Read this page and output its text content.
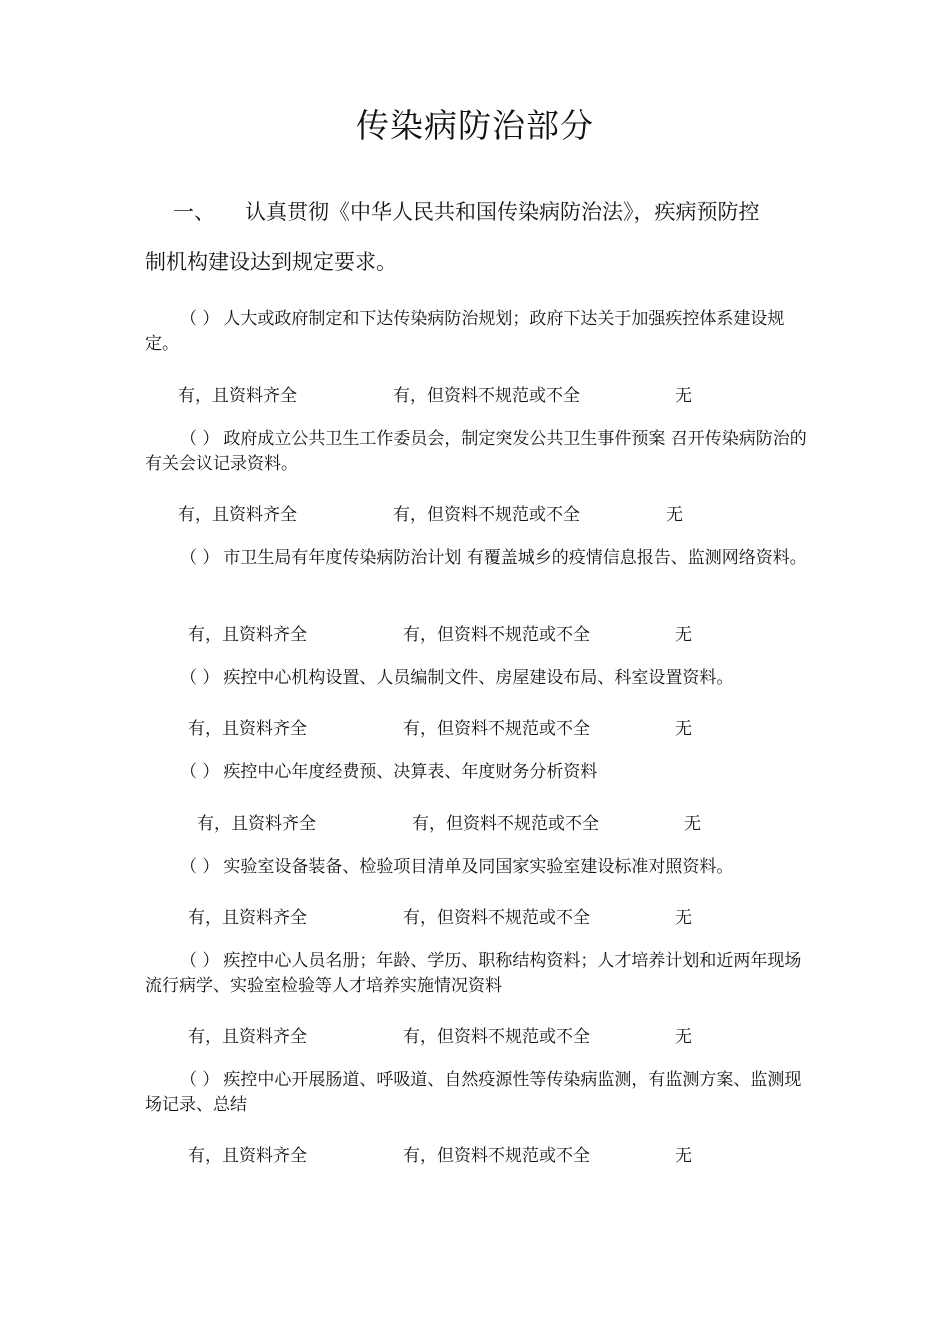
传染病防治部分
一、 认真贯彻《中华人民共和国传染病防治法》，疾病预防控
制机构建设达到规定要求。
（ ） 人大或政府制定和下达传染病防治规划；政府下达关于加强疾控体系建设规定。
有，且资料齐全	有，但资料不规范或不全	无
（ ） 政府成立公共卫生工作委员会，制定突发公共卫生事件预案 召开传染病防治的有关会议记录资料。
有，且资料齐全	有，但资料不规范或不全	无
（ ） 市卫生局有年度传染病防治计划 有覆盖城乡的疫情信息报告、监测网络资料。
有，且资料齐全	有，但资料不规范或不全	无
（ ） 疾控中心机构设置、人员编制文件、房屋建设布局、科室设置资料。
有，且资料齐全	有，但资料不规范或不全	无
（ ） 疾控中心年度经费预、决算表、年度财务分析资料
有，且资料齐全	有，但资料不规范或不全	无
（ ） 实验室设备装备、检验项目清单及同国家实验室建设标准对照资料。
有，且资料齐全	有，但资料不规范或不全	无
（ ） 疾控中心人员名册；年龄、学历、职称结构资料；人才培养计划和近两年现场流行病学、实验室检验等人才培养实施情况资料
有，且资料齐全	有，但资料不规范或不全	无
（ ） 疾控中心开展肠道、呼吸道、自然疫源性等传染病监测，有监测方案、监测现场记录、总结
有，且资料齐全	有，但资料不规范或不全	无
